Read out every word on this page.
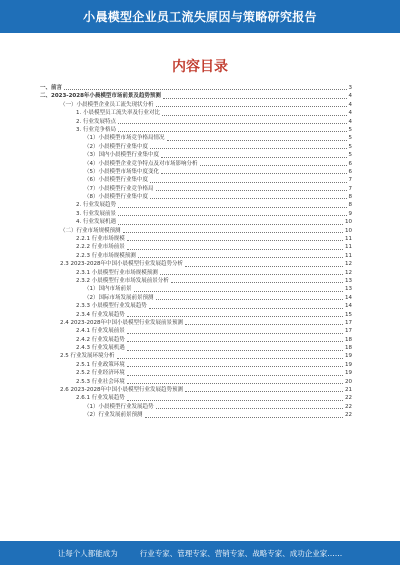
小晨模型企业员工流失原因与策略研究报告
内容目录
一、前言	3
二、2023-2028年小晨模型市场前景及趋势预测	4
（一）小晨模型企业员工流失现状分析	4
1. 小晨模型员工流失率及行业对比	4
2. 行业发展特点	4
3. 行业竞争格局	5
（1）小晨模型市场竞争格局情况	5
（2）小晨模型行业集中度	5
（3）国内小晨模型行业集中度	5
（4）小晨模型企业竞争特点及对市场影响分析	6
（5）小晨模型市场集中度变化	6
（6）小晨模型行业集中度	7
（7）小晨模型行业竞争格局	7
（8）小晨模型行业集中度	8
2. 行业发展趋势	8
3. 行业发展前景	9
4. 行业发展机遇	10
（二）行业市场规模预测	10
2.2.1 行业市场规模	11
2.2.2 行业市场前景	11
2.2.3 行业市场规模预测	11
2.3 2023-2028年中国小晨模型行业发展趋势分析	12
2.3.1 小晨模型行业市场规模预测	12
2.3.2 小晨模型行业市场发展前景分析	13
（1）国内市场前景	13
（2）国际市场发展前景预测	14
2.3.3 小晨模型行业发展趋势	14
2.3.4 行业发展趋势	15
2.4 2023-2028年中国小晨模型行业发展前景预测	17
2.4.1 行业发展前景	17
2.4.2 行业发展趋势	18
2.4.3 行业发展机遇	18
2.5 行业发展环境分析	19
2.5.1 行业政策环境	19
2.5.2 行业经济环境	19
2.5.3 行业社会环境	20
2.6 2023-2028年中国小晨模型行业发展趋势预测	21
2.6.1 行业发展趋势	22
（1）小晨模型行业发展趋势	22
（2）行业发展前景预测	22
让每个人都能成为	行业专家、管理专家、营销专家、战略专家、成功企业家……
